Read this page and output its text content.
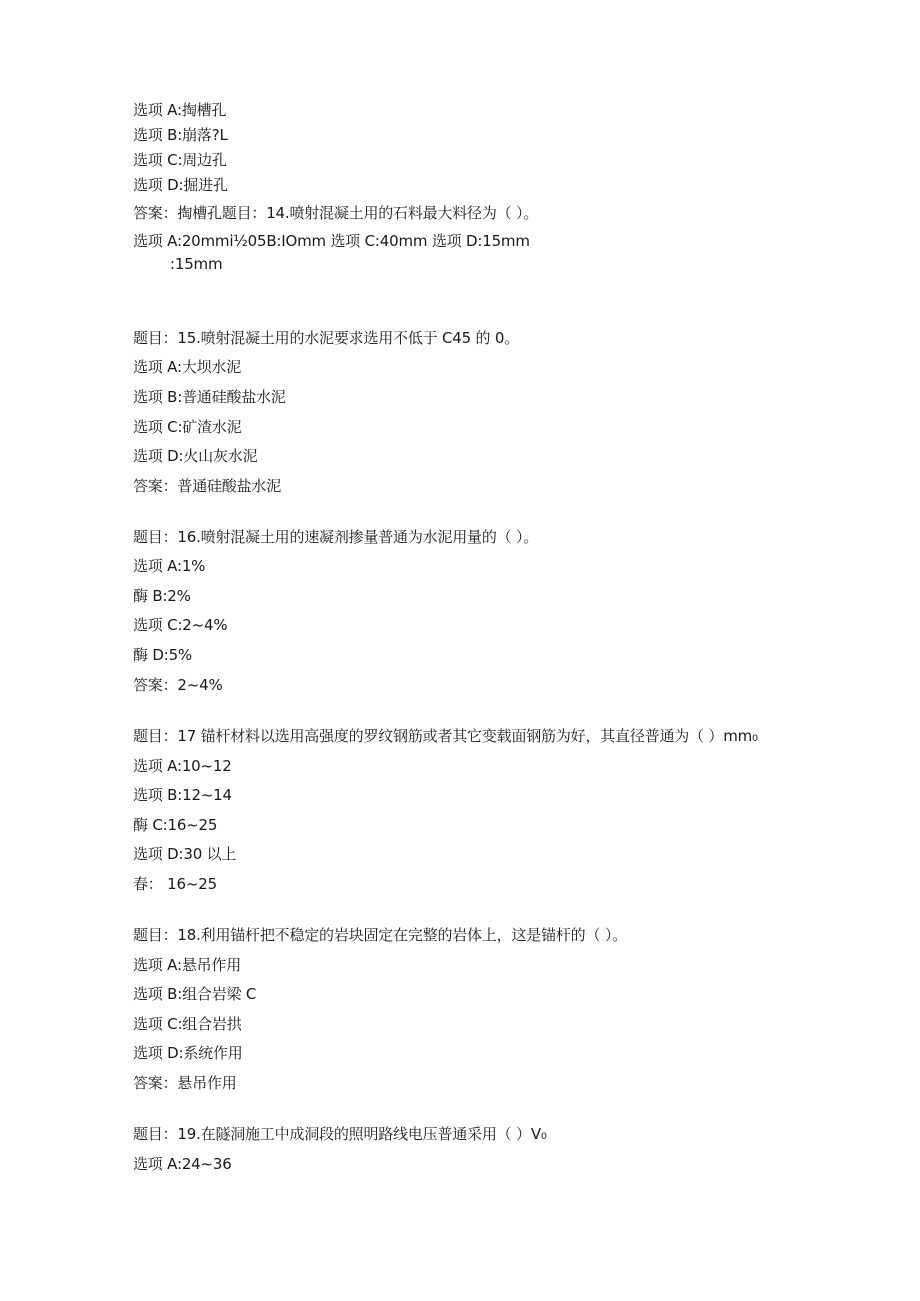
选项 A:掏槽孔
选项 B:崩落?L
选项 C:周边孔
选项 D:掘进孔
答案：掏槽孔题目：14.喷射混凝土用的石料最大料径为（ ）。
选项 A:20mmi½05B:IOmm 选项 C:40mm 选项 D:15mm
:15mm
题目：15.喷射混凝土用的水泥要求选用不低于 C45 的 0。
选项 A:大坝水泥
选项 B:普通硅酸盐水泥
选项 C:矿渣水泥
选项 D:火山灰水泥
答案：普通硅酸盐水泥
题目：16.喷射混凝土用的速凝剂掺量普通为水泥用量的（ ）。
选项 A:1%
酶 B:2%
选项 C:2~4%
酶 D:5%
答案：2~4%
题目：17 锚杆材料以选用高强度的罗纹钢筋或者其它变载面钢筋为好，其直径普通为（ ）mm₀
选项 A:10~12
选项 B:12~14
酶 C:16~25
选项 D:30 以上
春： 16~25
题目：18.利用锚杆把不稳定的岩块固定在完整的岩体上，这是锚杆的（ ）。
选项 A:悬吊作用
选项 B:组合岩梁 C
选项 C:组合岩拱
选项 D:系统作用
答案：悬吊作用
题目：19.在隧洞施工中成洞段的照明路线电压普通采用（ ）V₀
选项 A:24~36
